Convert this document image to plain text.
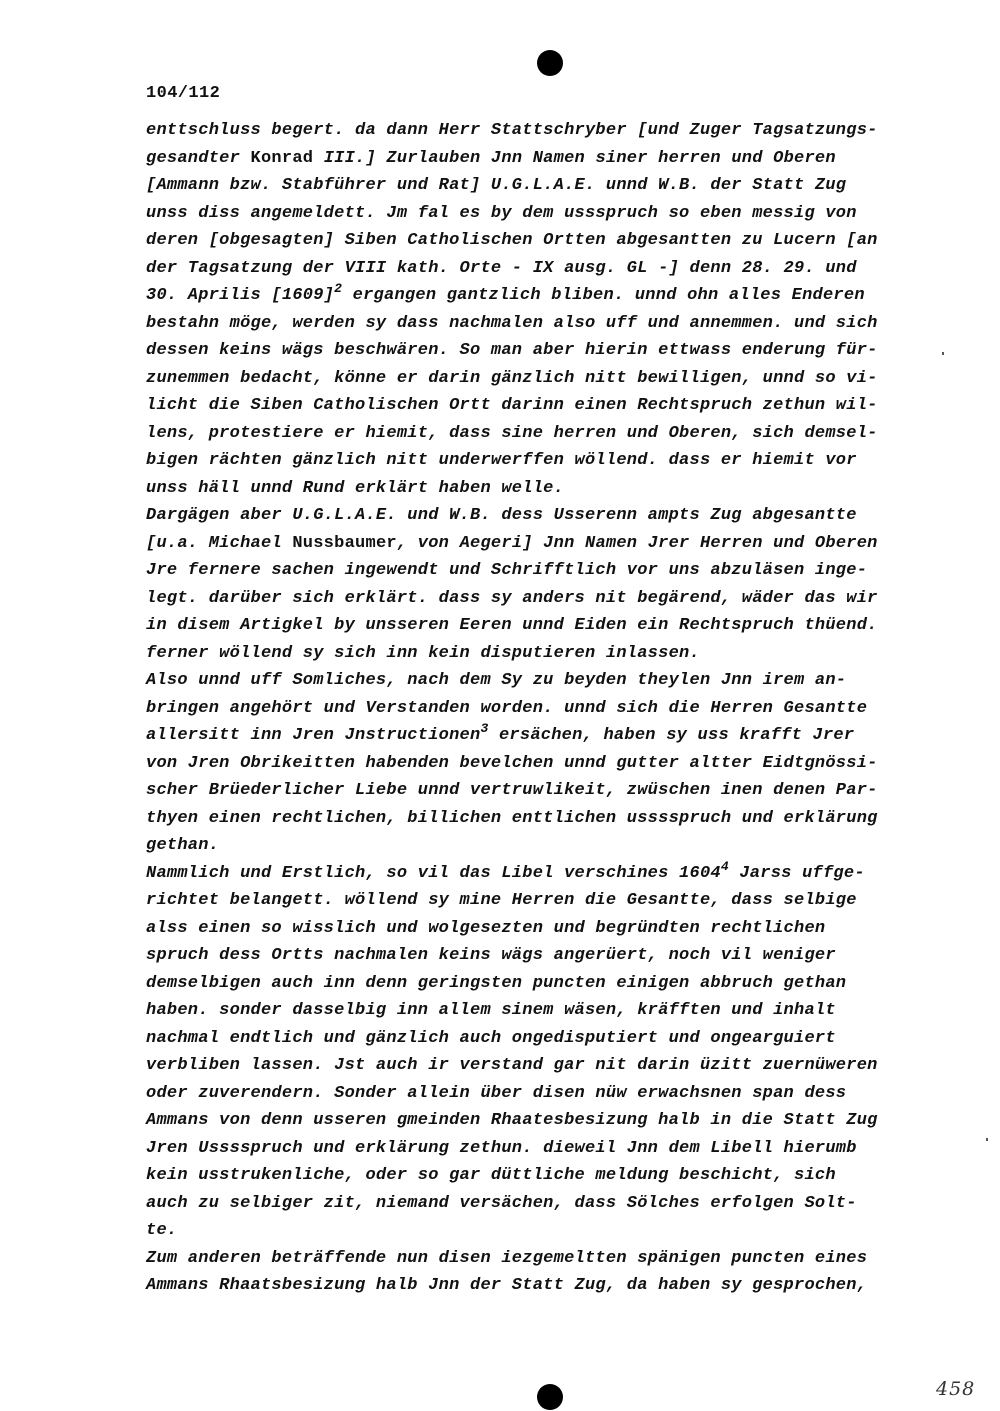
104/112
enttschluss begert. da dann Herr Stattschryber [und Zuger Tagsatzungs-
gesandter Konrad III.] Zurlauben Jnn Namen siner herren und Oberen
[Ammann bzw. Stabführer und Rat] U.G.L.A.E. unnd W.B. der Statt Zug
unss diss angemeldett. Jm fal es by dem ussspruch so eben messig von
deren [obgesagten] Siben Catholischen Ortten abgesantten zu Lucern [an
der Tagsatzung der VIII kath. Orte - IX ausg. GL -] denn 28. 29. und
30. Aprilis $[1609]^2$ ergangen gantzlich bliben. unnd ohn alles Enderen
bestahn möge, werden sy dass nachmalen also uff und annemmen. und sich
dessen keins wägs beschwären. So man aber hierin ettwass enderung für-
zunemmen bedacht, könne er darin gänzlich nitt bewilligen, unnd so vi-
licht die Siben Catholischen Ortt darinn einen Rechtspruch zethun wil-
lens, protestiere er hiemit, dass sine herren und Oberen, sich demsel-
bigen rächten gänzlich nitt underwerffen wöllend. dass er hiemit vor
unss häll unnd Rund erklärt haben welle.
Dargägen aber U.G.L.A.E. und W.B. dess Usserenn ampts Zug abgesantte
[u.a. Michael Nussbaumer, von Aegeri] Jnn Namen Jrer Herren und Oberen
Jre fernere sachen ingewendt und Schrifftlich vor uns abzuläsen inge-
legt. darüber sich erklärt. dass sy anders nit begärend, wäder das wir
in disem Artigkel by unsseren Eeren unnd Eiden ein Rechtspruch thüend.
ferner wöllend sy sich inn kein disputieren inlassen.
Also unnd uff Somliches, nach dem Sy zu beyden theylen Jnn irem an-
bringen angehört und Verstanden worden. unnd sich die Herren Gesantte
allersitt inn Jren Jnstructionen$^3$ ersächen, haben sy uss krafft Jrer
von Jren Obrikeitten habenden bevelchen unnd gutter altter Eidtgnössi-
scher Brüederlicher Liebe unnd vertruwlikeit, zwüschen inen denen Par-
thyen einen rechtlichen, billichen enttlichen usssspruch und erklärung
gethan.
Nammlich und Erstlich, so vil das Libel verschines 1604$^4$ Jarss uffge-
richtet belangett. wöllend sy mine Herren die Gesantte, dass selbige
alss einen so wisslich und wolgesezten und begründten rechtlichen
spruch dess Ortts nachmalen keins wägs angerüert, noch vil weniger
demselbigen auch inn denn geringsten puncten einigen abbruch gethan
haben. sonder dasselbig inn allem sinem wäsen, kräfften und inhalt
nachmal endtlich und gänzlich auch ongedisputiert und ongearguiert
verbliben lassen. Jst auch ir verstand gar nit darin üzitt zuernüweren
oder zuverendern. Sonder allein über disen nüw erwachsnen span dess
Ammans von denn usseren gmeinden Rhaatesbesizung halb in die Statt Zug
Jren Usssspruch und erklärung zethun. dieweil Jnn dem Libell hierumb
kein usstrukenliche, oder so gar düttliche meldung beschicht, sich
auch zu selbiger zit, niemand versächen, dass Sölches erfolgen Solt-
te.
Zum anderen beträffende nun disen iezgemeltten spänigen puncten eines
Ammans Rhaatsbesizung halb Jnn der Statt Zug, da haben sy gesprochen,
458
